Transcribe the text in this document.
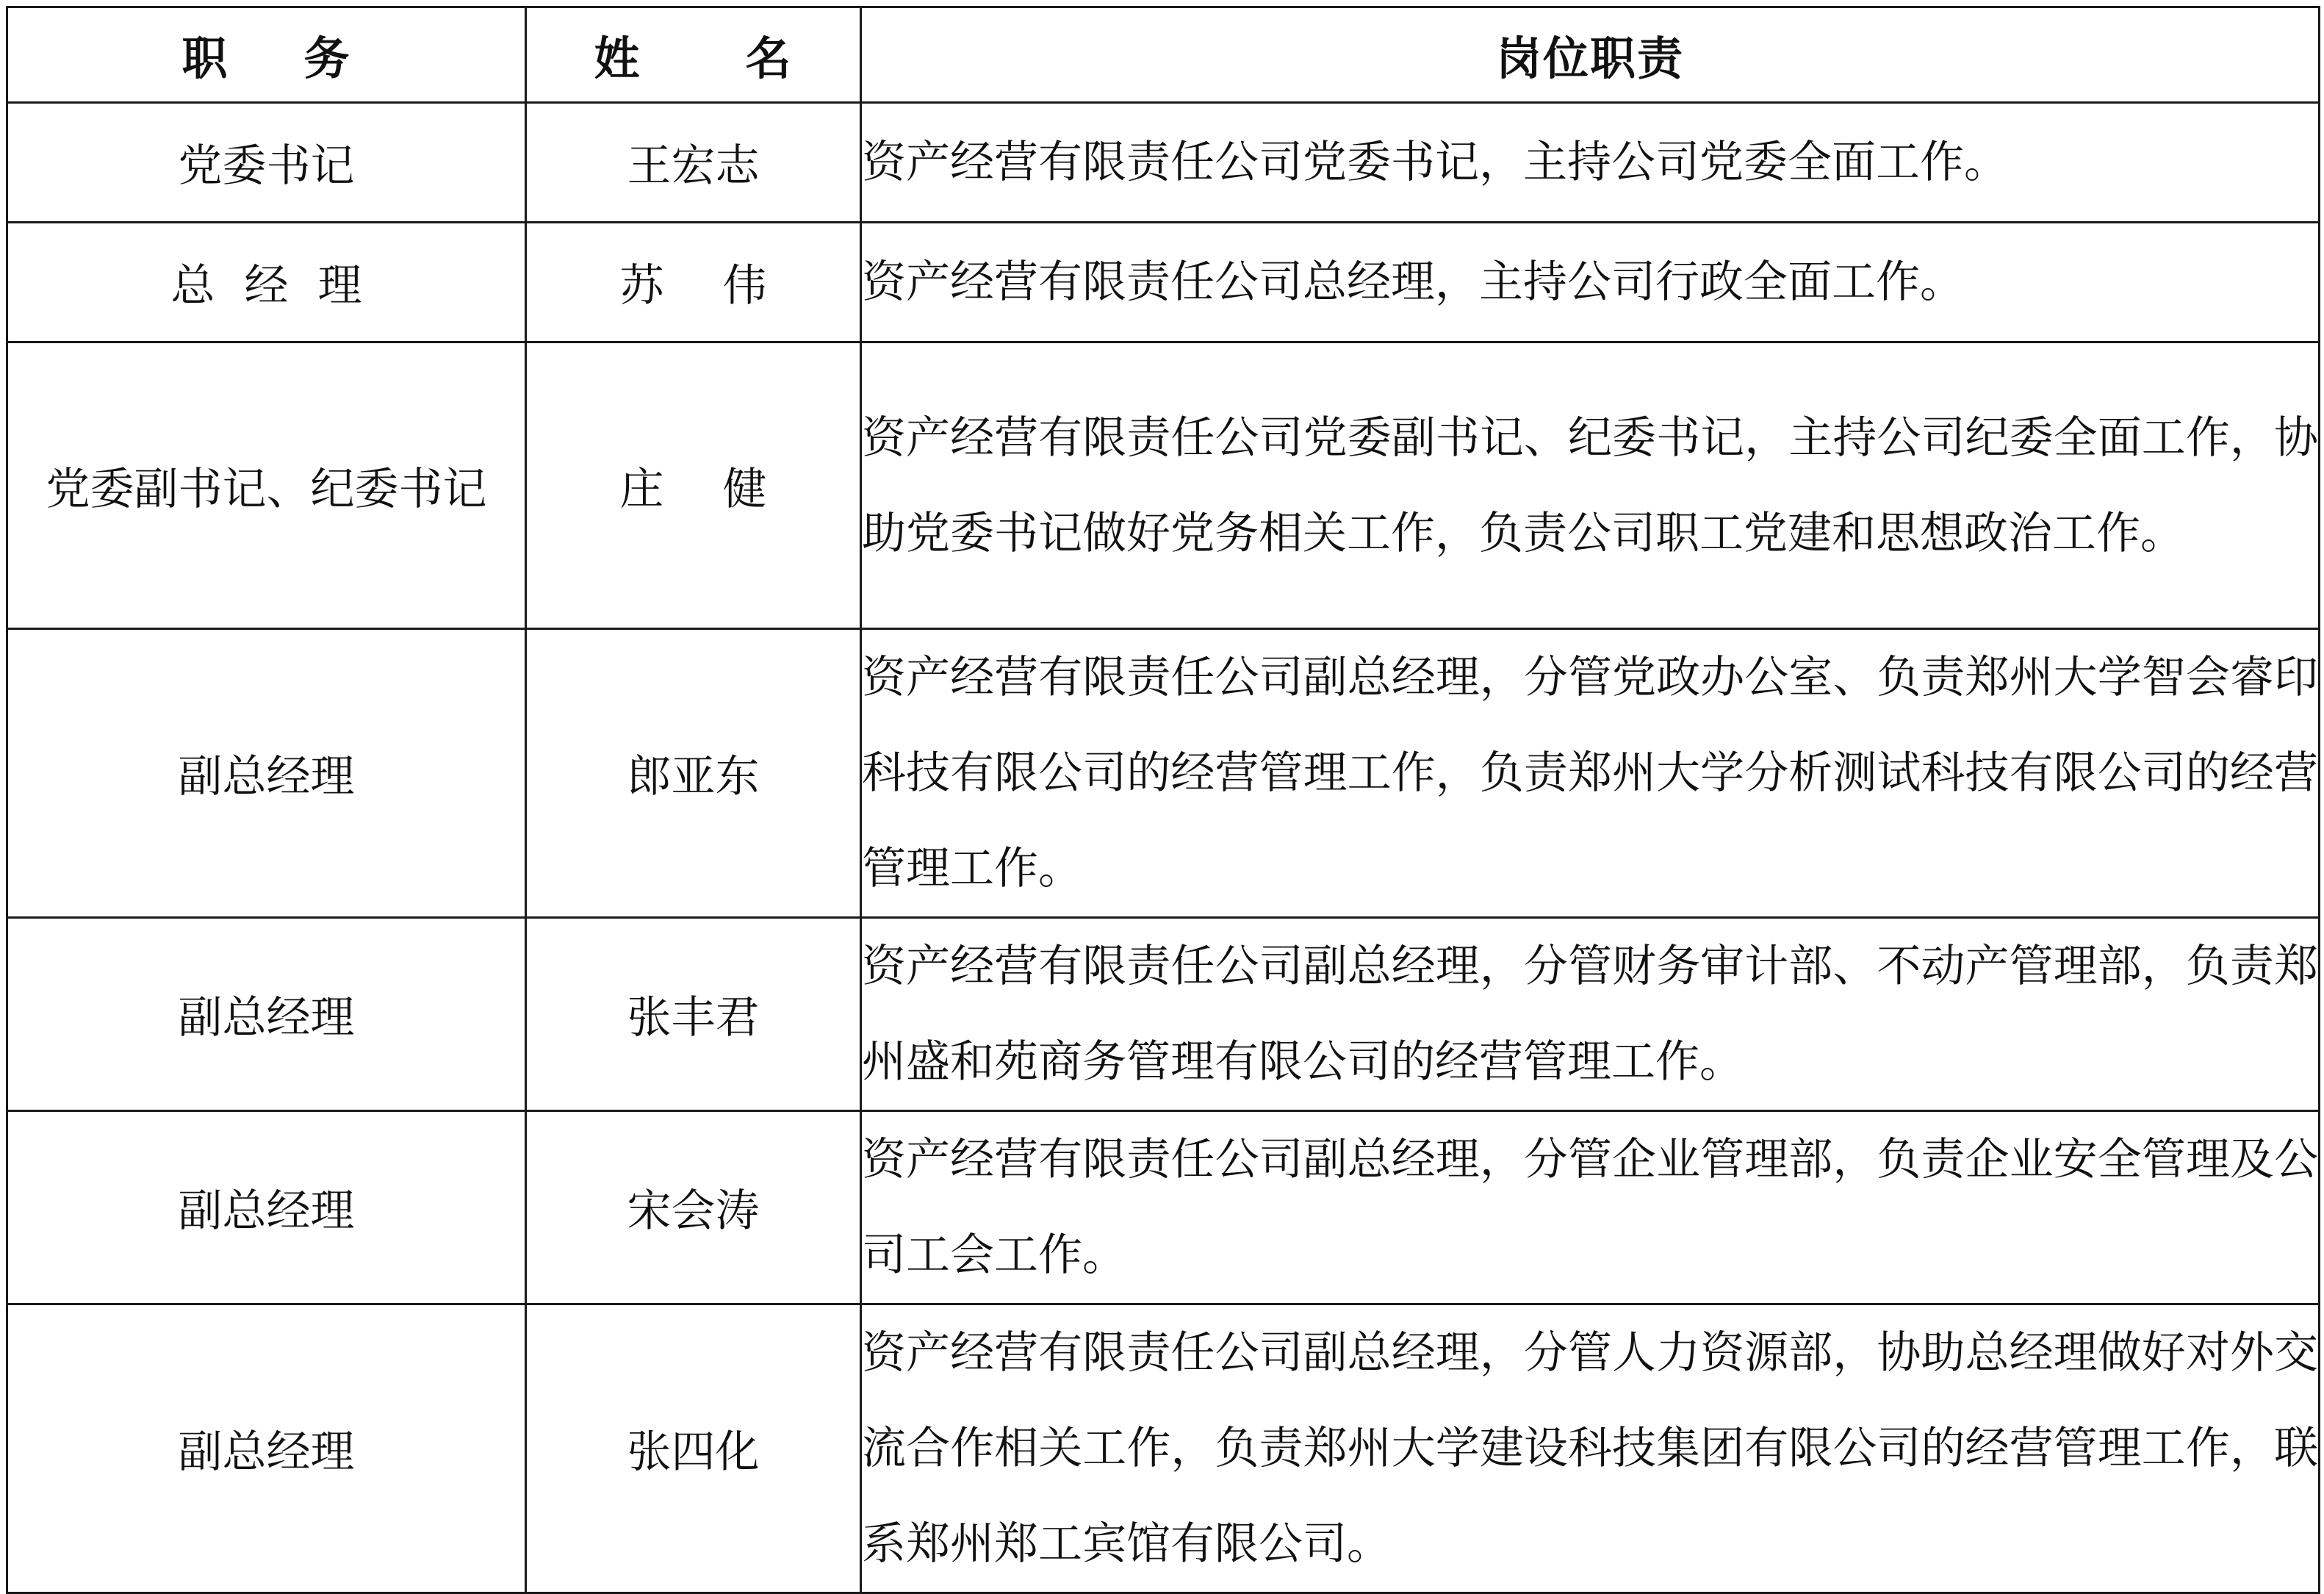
职　务	姓　名	岗位职责
党委书记	王宏志	资产经营有限责任公司党委书记，主持公司党委全面工作。
总 经 理	苏　伟	资产经营有限责任公司总经理，主持公司行政全面工作。
党委副书记、纪委书记	庄　健	资产经营有限责任公司党委副书记、纪委书记，主持公司纪委全面工作，协助党委书记做好党务相关工作，负责公司职工党建和思想政治工作。
副总经理	郎亚东	资产经营有限责任公司副总经理，分管党政办公室、负责郑州大学智会睿印科技有限公司的经营管理工作，负责郑州大学分析测试科技有限公司的经营管理工作。
副总经理	张丰君	资产经营有限责任公司副总经理，分管财务审计部、不动产管理部，负责郑州盛和苑商务管理有限公司的经营管理工作。
副总经理	宋会涛	资产经营有限责任公司副总经理，分管企业管理部，负责企业安全管理及公司工会工作。
副总经理	张四化	资产经营有限责任公司副总经理，分管人力资源部，协助总经理做好对外交流合作相关工作，负责郑州大学建设科技集团有限公司的经营管理工作，联系郑州郑工宾馆有限公司。
